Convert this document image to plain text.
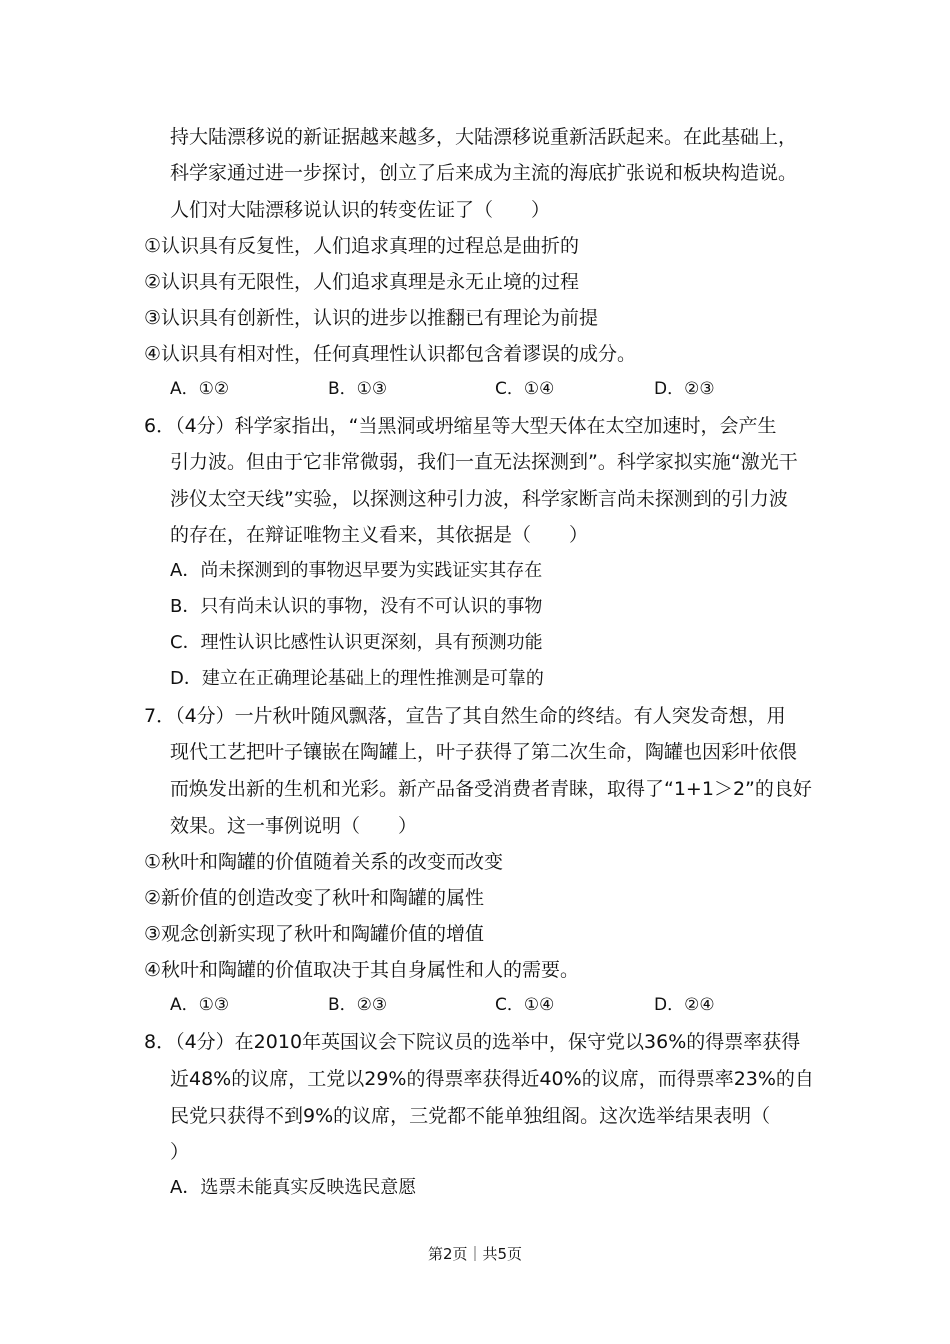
持大陆漂移说的新证据越来越多，大陆漂移说重新活跃起来。在此基础上，
科学家通过进一步探讨，创立了后来成为主流的海底扩张说和板块构造说。
人们对大陆漂移说认识的转变佐证了（　　）
①认识具有反复性，人们追求真理的过程总是曲折的
②认识具有无限性，人们追求真理是永无止境的过程
③认识具有创新性，认识的进步以推翻已有理论为前提
④认识具有相对性，任何真理性认识都包含着谬误的成分。
A．①②	B．①③	C．①④	D．②③
6．（4分）科学家指出，“当黑洞或坍缩星等大型天体在太空加速时，会产生
引力波。但由于它非常微弱，我们一直无法探测到”。科学家拟实施“激光干
涉仪太空天线”实验，以探测这种引力波，科学家断言尚未探测到的引力波
的存在，在辩证唯物主义看来，其依据是（　　）
A．尚未探测到的事物迟早要为实践证实其存在
B．只有尚未认识的事物，没有不可认识的事物
C．理性认识比感性认识更深刻，具有预测功能
D．建立在正确理论基础上的理性推测是可靠的
7．（4分）一片秋叶随风飘落，宣告了其自然生命的终结。有人突发奇想，用
现代工艺把叶子镶嵌在陶罐上，叶子获得了第二次生命，陶罐也因彩叶依偎
而焕发出新的生机和光彩。新产品备受消费者青睐，取得了“1+1＞2”的良好
效果。这一事例说明（　　）
①秋叶和陶罐的价值随着关系的改变而改变
②新价值的创造改变了秋叶和陶罐的属性
③观念创新实现了秋叶和陶罐价值的增值
④秋叶和陶罐的价值取决于其自身属性和人的需要。
A．①③	B．②③	C．①④	D．②④
8．（4分）在2010年英国议会下院议员的选举中，保守党以36%的得票率获得
近48%的议席，工党以29%的得票率获得近40%的议席，而得票率23%的自
民党只获得不到9%的议席，三党都不能单独组阁。这次选举结果表明（
）
A．选票未能真实反映选民意愿
第2页｜共5页
